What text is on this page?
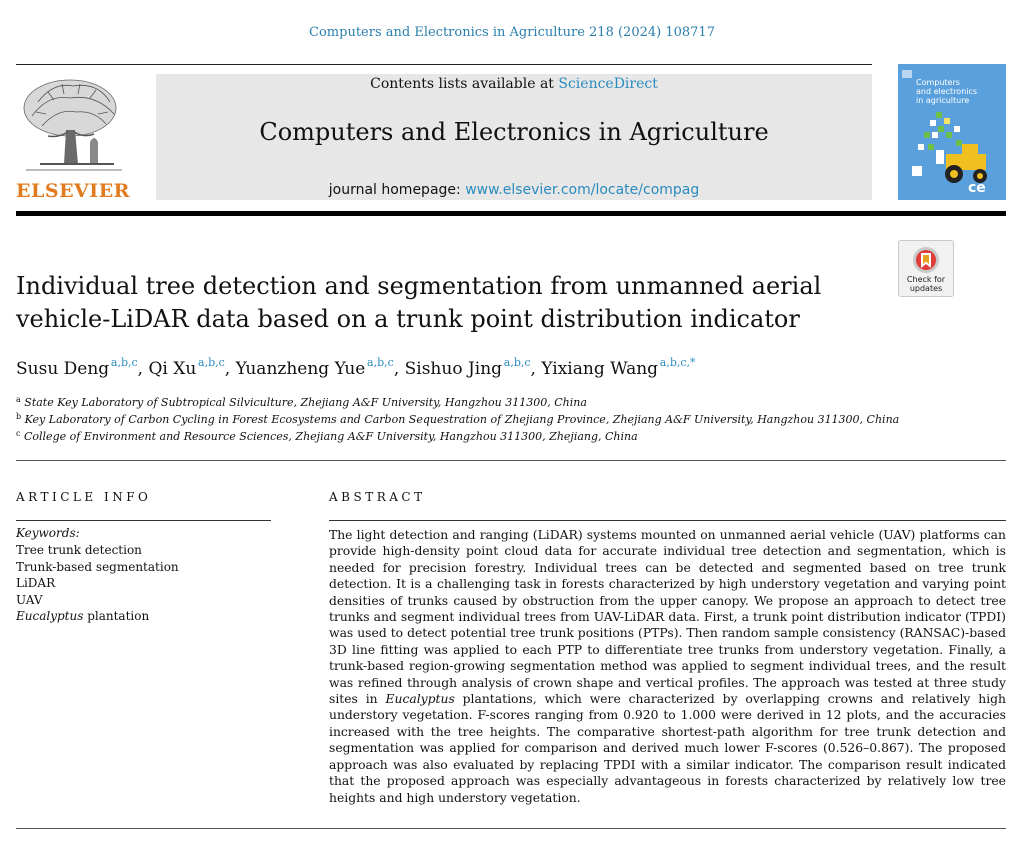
Computers and Electronics in Agriculture 218 (2024) 108717
ELSEVIER
Contents lists available at ScienceDirect
Computers and Electronics in Agriculture
journal homepage: www.elsevier.com/locate/compag
Computers
and electronics
in agriculture
ce
Check for
updates
Individual tree detection and segmentation from unmanned aerial
vehicle-LiDAR data based on a trunk point distribution indicator
Susu Deng  $^{a,b,c}$, Qi Xu  $^{a,b,c}$, Yuanzheng Yue  $^{a,b,c}$, Sishuo Jing  $^{a,b,c}$, Yixiang Wang  $^{a,b,c,*}$
$^a$ State Key Laboratory of Subtropical Silviculture, Zhejiang A&F University, Hangzhou 311300, China
$^b$ Key Laboratory of Carbon Cycling in Forest Ecosystems and Carbon Sequestration of Zhejiang Province, Zhejiang A&F University, Hangzhou 311300, China
$^c$ College of Environment and Resource Sciences, Zhejiang A&F University, Hangzhou 311300, Zhejiang, China
ARTICLE INFO
Keywords:
Tree trunk detection
Trunk-based segmentation
LiDAR
UAV
Eucalyptus plantation
ABSTRACT
The light detection and ranging (LiDAR) systems mounted on unmanned aerial vehicle (UAV) platforms can provide high-density point cloud data for accurate individual tree detection and segmentation, which is needed for precision forestry. Individual trees can be detected and segmented based on tree trunk detection. It is a challenging task in forests characterized by high understory vegetation and varying point densities of trunks caused by obstruction from the upper canopy. We propose an approach to detect tree trunks and segment individual trees from UAV-LiDAR data. First, a trunk point distribution indicator (TPDI) was used to detect potential tree trunk positions (PTPs). Then random sample consistency (RANSAC)-based 3D line fitting was applied to each PTP to differentiate tree trunks from understory vegetation. Finally, a trunk-based region-growing segmentation method was applied to segment individual trees, and the result was refined through analysis of crown shape and vertical profiles. The approach was tested at three study sites in Eucalyptus plantations, which were characterized by overlapping crowns and relatively high understory vegetation. F-scores ranging from 0.920 to 1.000 were derived in 12 plots, and the accuracies increased with the tree heights. The comparative shortest-path algorithm for tree trunk detection and segmentation was applied for comparison and derived much lower F-scores (0.526–0.867). The proposed approach was also evaluated by replacing TPDI with a similar indicator. The comparison result indicated that the proposed approach was especially advantageous in forests characterized by relatively low tree heights and high understory vegetation.
